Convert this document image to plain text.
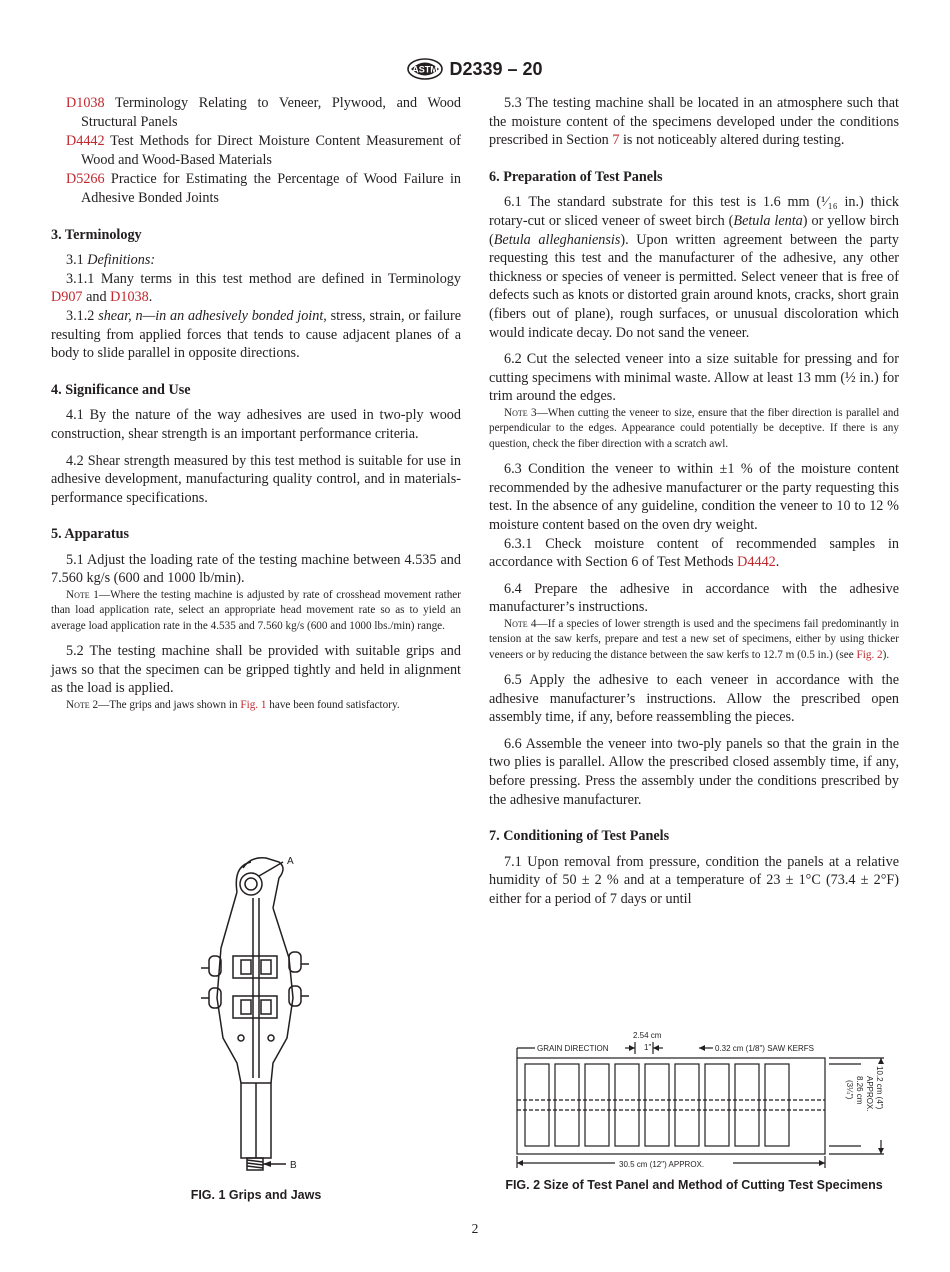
ASTM D2339 – 20

D1038 Terminology Relating to Veneer, Plywood, and Wood Structural Panels

D4442 Test Methods for Direct Moisture Content Measurement of Wood and Wood-Based Materials

D5266 Practice for Estimating the Percentage of Wood Failure in Adhesive Bonded Joints

3. Terminology

3.1 Definitions:

3.1.1 Many terms in this test method are defined in Terminology D907 and D1038.

3.1.2 shear, n—in an adhesively bonded joint, stress, strain, or failure resulting from applied forces that tends to cause adjacent planes of a body to slide parallel in opposite directions.

4. Significance and Use

4.1 By the nature of the way adhesives are used in two-ply wood construction, shear strength is an important performance criteria.

4.2 Shear strength measured by this test method is suitable for use in adhesive development, manufacturing quality control, and in materials-performance specifications.

5. Apparatus

5.1 Adjust the loading rate of the testing machine between 4.535 and 7.560 kg/s (600 and 1000 lb/min).

Note 1—Where the testing machine is adjusted by rate of crosshead movement rather than load application rate, select an appropriate head movement rate so as to yield an average load application rate in the 4.535 and 7.560 kg/s (600 and 1000 lbs./min) range.

5.2 The testing machine shall be provided with suitable grips and jaws so that the specimen can be gripped tightly and held in alignment as the load is applied.

Note 2—The grips and jaws shown in Fig. 1 have been found satisfactory.

A
B
FIG. 1 Grips and Jaws

5.3 The testing machine shall be located in an atmosphere such that the moisture content of the specimens developed under the conditions prescribed in Section 7 is not noticeably altered during testing.

6. Preparation of Test Panels

6.1 The standard substrate for this test is 1.6 mm (¹⁄₁₆ in.) thick rotary-cut or sliced veneer of sweet birch (Betula lenta) or yellow birch (Betula alleghaniensis). Upon written agreement between the party requesting this test and the manufacturer of the adhesive, any other thickness or species of veneer is permitted. Select veneer that is free of defects such as knots or distorted grain around knots, cracks, short grain (fibers out of plane), rough surfaces, or unusual discoloration which would indicate decay. Do not sand the veneer.

6.2 Cut the selected veneer into a size suitable for pressing and for cutting specimens with minimal waste. Allow at least 13 mm (½ in.) for trim around the edges.

Note 3—When cutting the veneer to size, ensure that the fiber direction is parallel and perpendicular to the edges. Appearance could potentially be deceptive. If there is any question, check the fiber direction with a scratch awl.

6.3 Condition the veneer to within ±1 % of the moisture content recommended by the adhesive manufacturer or the party requesting this test. In the absence of any guideline, condition the veneer to 10 to 12 % moisture content based on the oven dry weight.

6.3.1 Check moisture content of recommended samples in accordance with Section 6 of Test Methods D4442.

6.4 Prepare the adhesive in accordance with the adhesive manufacturer’s instructions.

Note 4—If a species of lower strength is used and the specimens fail predominantly in tension at the saw kerfs, prepare and test a new set of specimens, either by using thicker veneers or by reducing the distance between the saw kerfs to 12.7 m (0.5 in.) (see Fig. 2).

6.5 Apply the adhesive to each veneer in accordance with the adhesive manufacturer’s instructions. Allow the prescribed open assembly time, if any, before reassembling the pieces.

6.6 Assemble the veneer into two-ply panels so that the grain in the two plies is parallel. Allow the prescribed closed assembly time, if any, before pressing. Press the assembly under the conditions prescribed by the adhesive manufacturer.

7. Conditioning of Test Panels

7.1 Upon removal from pressure, condition the panels at a relative humidity of 50 ± 2 % and at a temperature of 23 ± 1°C (73.4 ± 2°F) either for a period of 7 days or until

GRAIN DIRECTION
2.54 cm
1"	0.32 cm (1/8") SAW KERFS
30.5 cm (12") APPROX.
10.2 cm (4")
APPROX.
8.26 cm
(3¼")
FIG. 2 Size of Test Panel and Method of Cutting Test Specimens
2
